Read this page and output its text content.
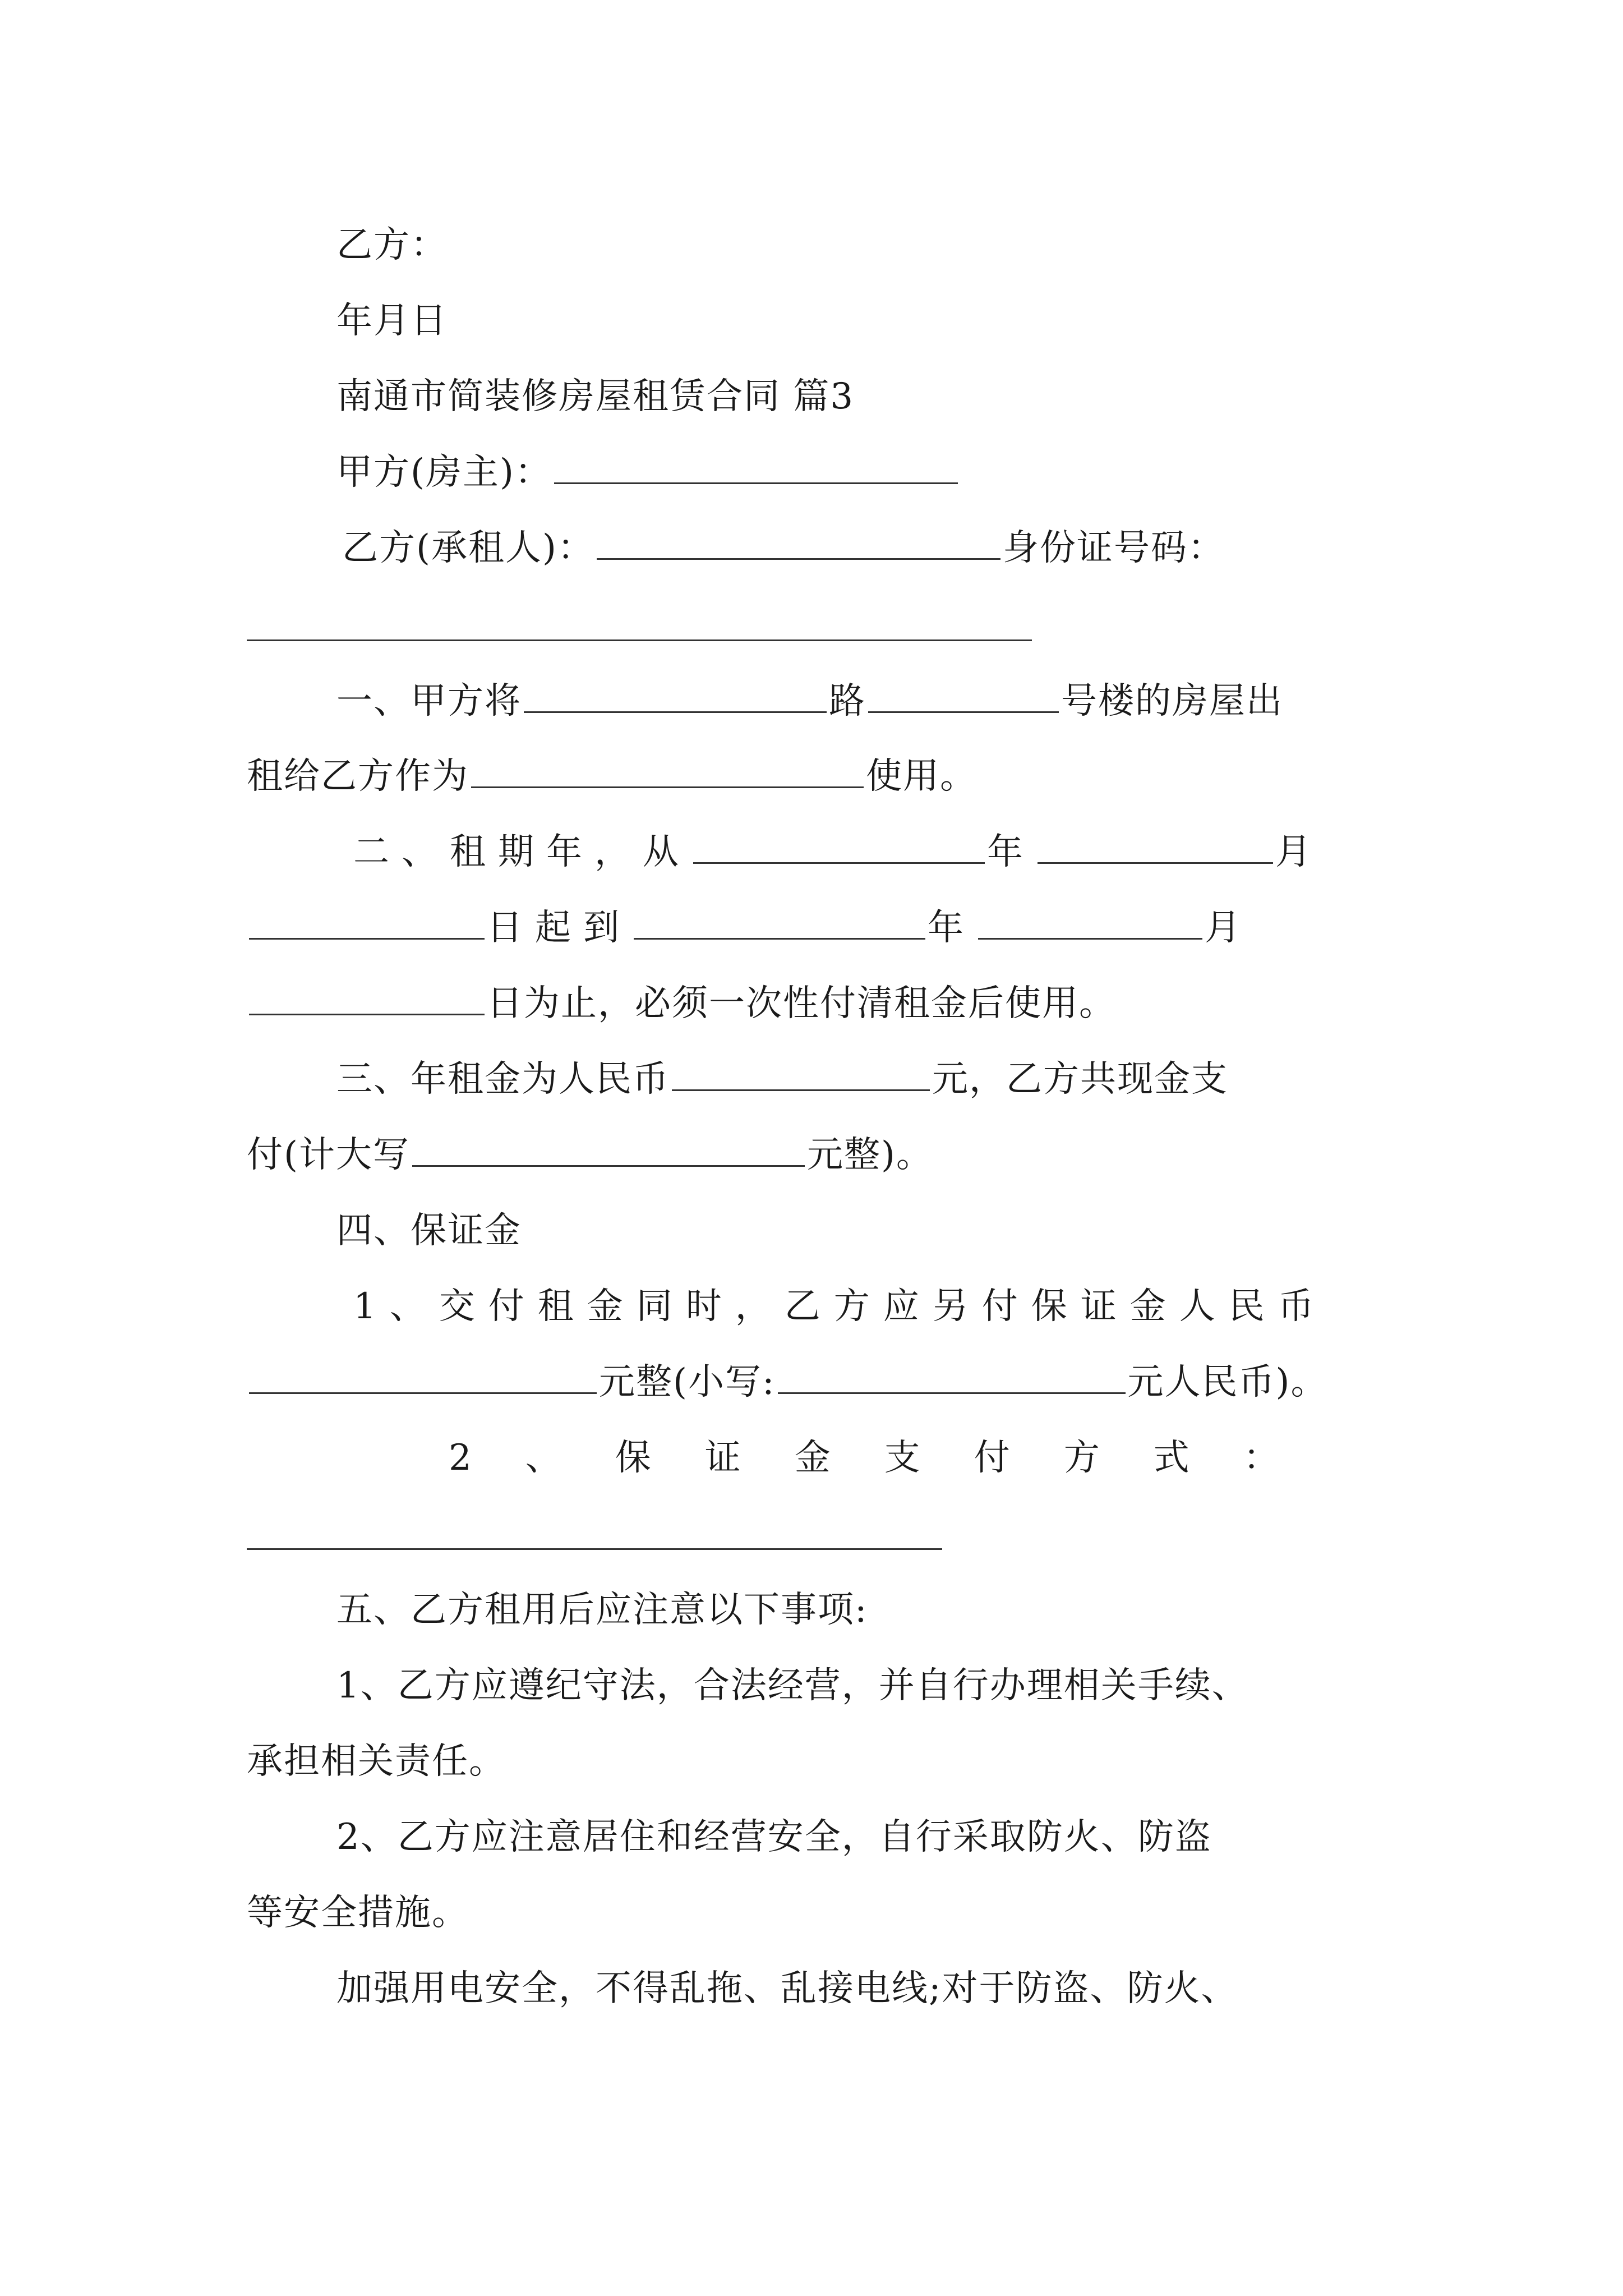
乙方：
年月日
南通市简装修房屋租赁合同 篇3
甲方(房主)：
乙方(承租人)：	身份证号码：
一、甲方将	路	号楼的房屋出
租给乙方作为	使用。
二、租期年，从	年	月
日起到	年	月
日为止，必须一次性付清租金后使用。
三、年租金为人民币	元，乙方共现金支
付(计大写	元整)。
四、保证金
1、交付租金同时，乙方应另付保证金人民币
元整(小写:	元人民币)。
2、保证金支付方式：
五、乙方租用后应注意以下事项:
1、乙方应遵纪守法，合法经营，并自行办理相关手续、
承担相关责任。
2、乙方应注意居住和经营安全，自行采取防火、防盗
等安全措施。
加强用电安全，不得乱拖、乱接电线;对于防盗、防火、
